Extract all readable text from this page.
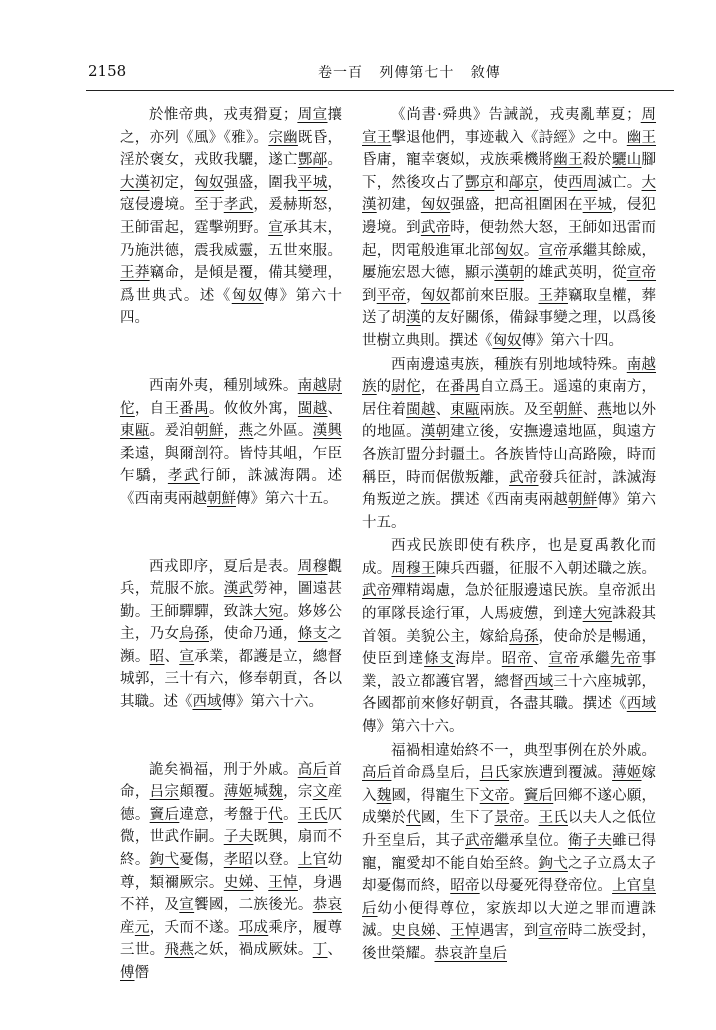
2158	卷一百   列傳第七十   敘傳

於惟帝典，戎夷猾夏；周宣攘之，亦列《風》《雅》。宗幽既昏，淫於褒女，戎敗我驪，遂亡酆鄗。大漢初定，匈奴强盛，圍我平城，寇侵邊境。至于孝武，爰赫斯怒，王師雷起，霆擊朔野。宣承其末，乃施洪德，震我威靈，五世來服。王莽竊命，是傾是覆，備其變理，爲世典式。述《匈奴傳》第六十四。

西南外夷，種别域殊。南越尉佗，自王番禺。攸攸外寓，閩越、東甌。爰洎朝鮮，燕之外區。漢興柔遠，與爾剖符。皆恃其岨，乍臣乍驕，孝武行師，誅滅海隅。述《西南夷兩越朝鮮傳》第六十五。

西戎即序，夏后是表。周穆觀兵，荒服不旅。漢武勞神，圖遠甚勤。王師驒驒，致誅大宛。姼姼公主，乃女烏孫，使命乃通，條支之瀕。昭、宣承業，都護是立，總督城郭，三十有六，修奉朝貢，各以其職。述《西域傳》第六十六。

詭矣禍福，刑于外戚。高后首命，吕宗顛覆。薄姬堿魏，宗文産德。竇后違意，考盤于代。王氏仄微，世武作嗣。子夫既興，扇而不終。鉤弋憂傷，孝昭以登。上官幼尊，類禰厥宗。史娣、王悼，身遇不祥，及宣饗國，二族後光。恭哀産元，夭而不遂。邛成乘序，履尊三世。飛燕之妖，禍成厥妹。丁、傅僭

《尚書·舜典》告誡説，戎夷亂華夏；周宣王擊退他們，事迹載入《詩經》之中。幽王昏庸，寵幸褒姒，戎族乘機將幽王殺於驪山腳下，然後攻占了酆京和鄗京，使西周滅亡。大漢初建，匈奴强盛，把高祖圍困在平城，侵犯邊境。到武帝時，便勃然大怒，王師如迅雷而起，閃電般進軍北部匈奴。宣帝承繼其餘威，屢施宏恩大德，顯示漢朝的雄武英明，從宣帝到平帝，匈奴都前來臣服。王莽竊取皇權，葬送了胡漢的友好關係，備録事變之理，以爲後世樹立典則。撰述《匈奴傳》第六十四。

西南邊遠夷族，種族有别地域特殊。南越族的尉佗，在番禺自立爲王。遥遠的東南方，居住着閩越、東甌兩族。及至朝鮮、燕地以外的地區。漢朝建立後，安撫邊遠地區，與遠方各族訂盟分封疆土。各族皆恃山高路險，時而稱臣，時而倨傲叛離，武帝發兵征討，誅滅海角叛逆之族。撰述《西南夷兩越朝鮮傳》第六十五。

西戎民族即使有秩序，也是夏禹教化而成。周穆王陳兵西疆，征服不入朝述職之族。武帝殫精竭慮，急於征服邊遠民族。皇帝派出的軍隊長途行軍，人馬疲憊，到達大宛誅殺其首領。美貌公主，嫁給烏孫，使命於是暢通，使臣到達條支海岸。昭帝、宣帝承繼先帝事業，設立都護官署，總督西域三十六座城郭，各國都前來修好朝貢，各盡其職。撰述《西域傳》第六十六。

福禍相違始終不一，典型事例在於外戚。高后首命爲皇后，吕氏家族遭到覆滅。薄姬嫁入魏國，得寵生下文帝。竇后回鄉不遂心願，成樂於代國，生下了景帝。王氏以夫人之低位升至皇后，其子武帝繼承皇位。衛子夫雖已得寵，寵愛却不能自始至終。鉤弋之子立爲太子却憂傷而終，昭帝以母憂死得登帝位。上官皇后幼小便得尊位，家族却以大逆之罪而遭誅滅。史良娣、王悼遇害，到宣帝時二族受封，後世榮耀。恭哀許皇后
